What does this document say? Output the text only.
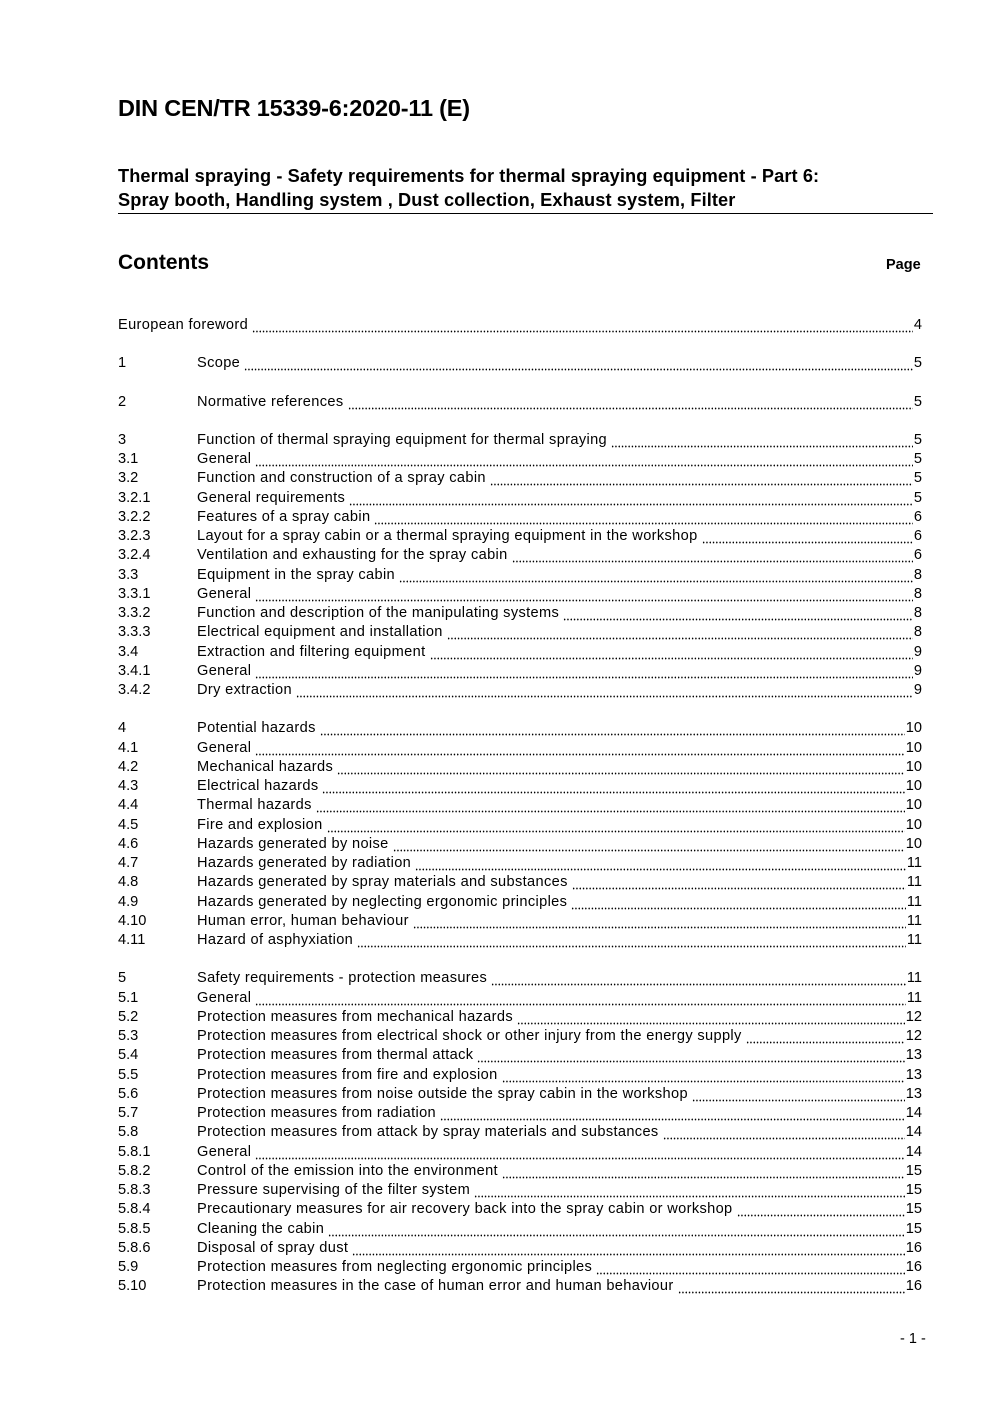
DIN CEN/TR 15339-6:2020-11 (E)
Thermal spraying - Safety requirements for thermal spraying equipment - Part 6:
Spray booth, Handling system , Dust collection, Exhaust system, Filter
Contents	Page
European foreword	4
1	Scope	5
2	Normative references	5
3	Function of thermal spraying equipment for thermal spraying	5
3.1	General	5
3.2	Function and construction of a spray cabin	5
3.2.1	General requirements	5
3.2.2	Features of a spray cabin	6
3.2.3	Layout for a spray cabin or a thermal spraying equipment in the workshop	6
3.2.4	Ventilation and exhausting for the spray cabin	6
3.3	Equipment in the spray cabin	8
3.3.1	General	8
3.3.2	Function and description of the manipulating systems	8
3.3.3	Electrical equipment and installation	8
3.4	Extraction and filtering equipment	9
3.4.1	General	9
3.4.2	Dry extraction	9
4	Potential hazards	10
4.1	General	10
4.2	Mechanical hazards	10
4.3	Electrical hazards	10
4.4	Thermal hazards	10
4.5	Fire and explosion	10
4.6	Hazards generated by noise	10
4.7	Hazards generated by radiation	11
4.8	Hazards generated by spray materials and substances	11
4.9	Hazards generated by neglecting ergonomic principles	11
4.10	Human error, human behaviour	11
4.11	Hazard of asphyxiation	11
5	Safety requirements - protection measures	11
5.1	General	11
5.2	Protection measures from mechanical hazards	12
5.3	Protection measures from electrical shock or other injury from the energy supply	12
5.4	Protection measures from thermal attack	13
5.5	Protection measures from fire and explosion	13
5.6	Protection measures from noise outside the spray cabin in the workshop	13
5.7	Protection measures from radiation	14
5.8	Protection measures from attack by spray materials and substances	14
5.8.1	General	14
5.8.2	Control of the emission into the environment	15
5.8.3	Pressure supervising of the filter system	15
5.8.4	Precautionary measures for air recovery back into the spray cabin or workshop	15
5.8.5	Cleaning the cabin	15
5.8.6	Disposal of spray dust	16
5.9	Protection measures from neglecting ergonomic principles	16
5.10	Protection measures in the case of human error and human behaviour	16
- 1 -
